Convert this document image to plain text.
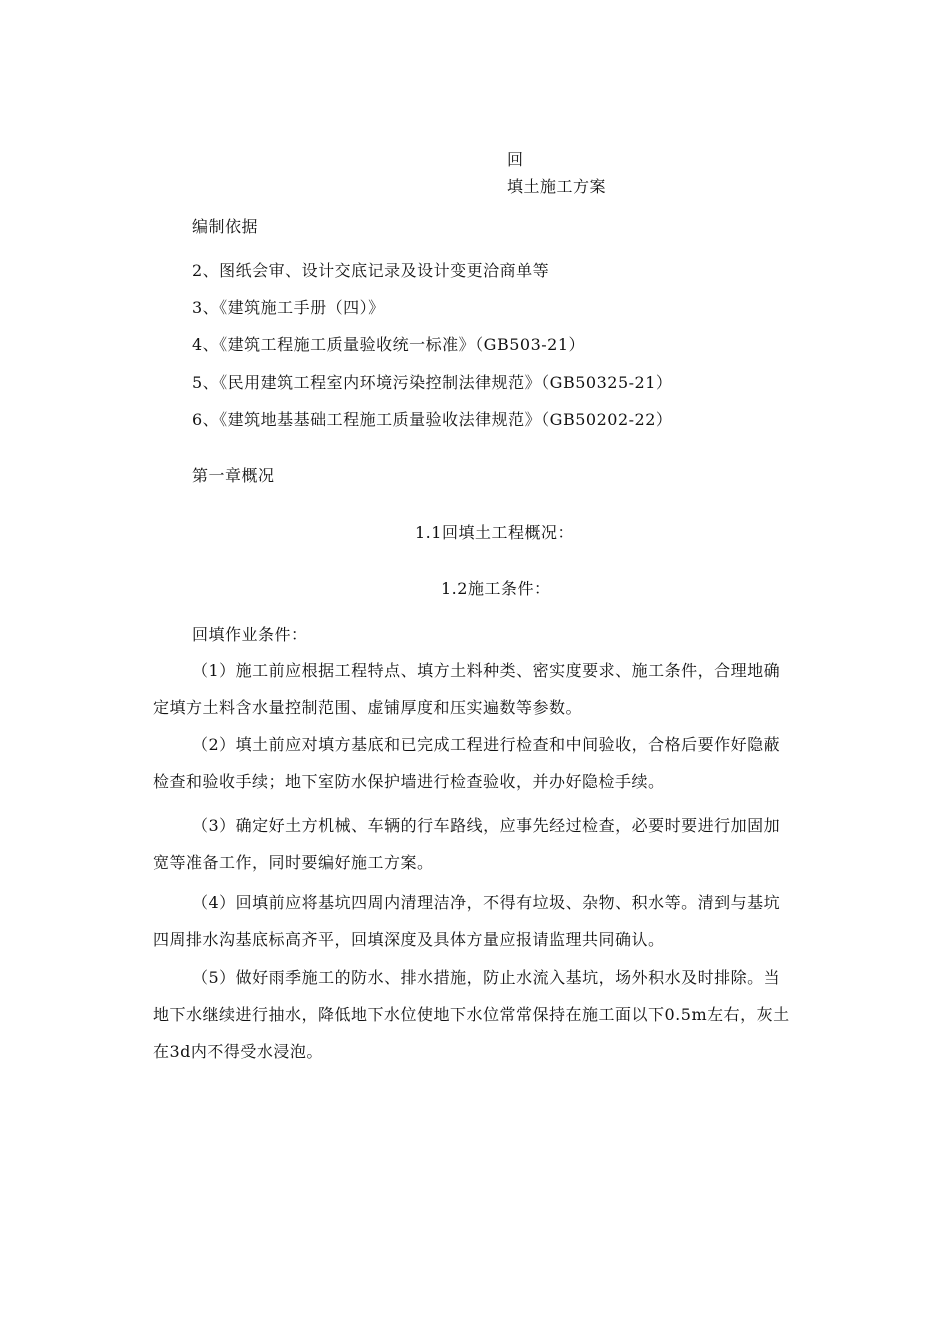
回
填土施工方案
编制依据
2、图纸会审、设计交底记录及设计变更洽商单等
3、《建筑施工手册（四）》
4、《建筑工程施工质量验收统一标准》（GB503-21）
5、《民用建筑工程室内环境污染控制法律规范》（GB50325-21）
6、《建筑地基基础工程施工质量验收法律规范》（GB50202-22）
第一章概况
1.1回填土工程概况：
1.2施工条件：
回填作业条件：
（1）施工前应根据工程特点、填方土料种类、密实度要求、施工条件，合理地确
定填方土料含水量控制范围、虚铺厚度和压实遍数等参数。
（2）填土前应对填方基底和已完成工程进行检查和中间验收，合格后要作好隐蔽
检查和验收手续；地下室防水保护墙进行检查验收，并办好隐检手续。
（3）确定好土方机械、车辆的行车路线，应事先经过检查，必要时要进行加固加
宽等准备工作，同时要编好施工方案。
（4）回填前应将基坑四周内清理洁净，不得有垃圾、杂物、积水等。清到与基坑
四周排水沟基底标高齐平，回填深度及具体方量应报请监理共同确认。
（5）做好雨季施工的防水、排水措施，防止水流入基坑，场外积水及时排除。当
地下水继续进行抽水，降低地下水位使地下水位常常保持在施工面以下0.5m左右，灰土
在3d内不得受水浸泡。
